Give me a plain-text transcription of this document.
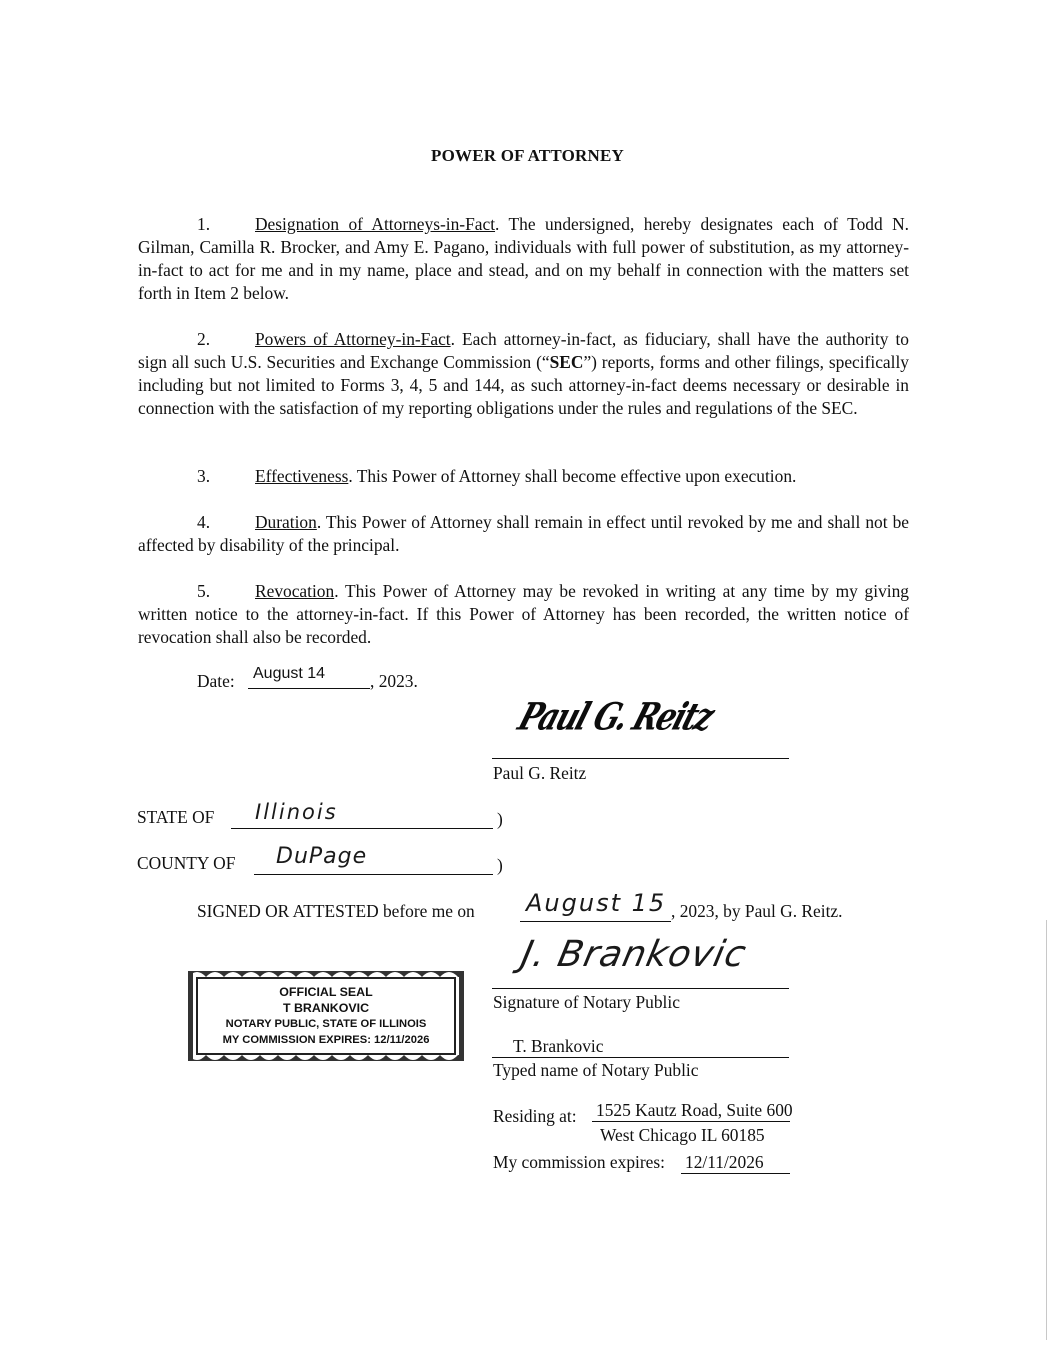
POWER OF ATTORNEY
1.	Designation of Attorneys-in-Fact. The undersigned, hereby designates each of Todd N. Gilman, Camilla R. Brocker, and Amy E. Pagano, individuals with full power of substitution, as my attorney-in-fact to act for me and in my name, place and stead, and on my behalf in connection with the matters set forth in Item 2 below.
2.	Powers of Attorney-in-Fact. Each attorney-in-fact, as fiduciary, shall have the authority to sign all such U.S. Securities and Exchange Commission (“SEC”) reports, forms and other filings, specifically including but not limited to Forms 3, 4, 5 and 144, as such attorney-in-fact deems necessary or desirable in connection with the satisfaction of my reporting obligations under the rules and regulations of the SEC.
3.	Effectiveness. This Power of Attorney shall become effective upon execution.
4.	Duration. This Power of Attorney shall remain in effect until revoked by me and shall not be affected by disability of the principal.
5.	Revocation. This Power of Attorney may be revoked in writing at any time by my giving written notice to the attorney-in-fact. If this Power of Attorney has been recorded, the written notice of revocation shall also be recorded.
Date: August 14	, 2023.
Paul G. Reitz
Paul G. Reitz
STATE OF Illinois	)
COUNTY OF DuPage	)
SIGNED OR ATTESTED before me on August 15 , 2023, by Paul G. Reitz.
OFFICIAL SEAL
T BRANKOVIC
NOTARY PUBLIC, STATE OF ILLINOIS
MY COMMISSION EXPIRES: 12/11/2026
J. Brankovic
Signature of Notary Public
T. Brankovic
Typed name of Notary Public
Residing at: 1525 Kautz Road, Suite 600
West Chicago IL 60185
My commission expires: 12/11/2026
